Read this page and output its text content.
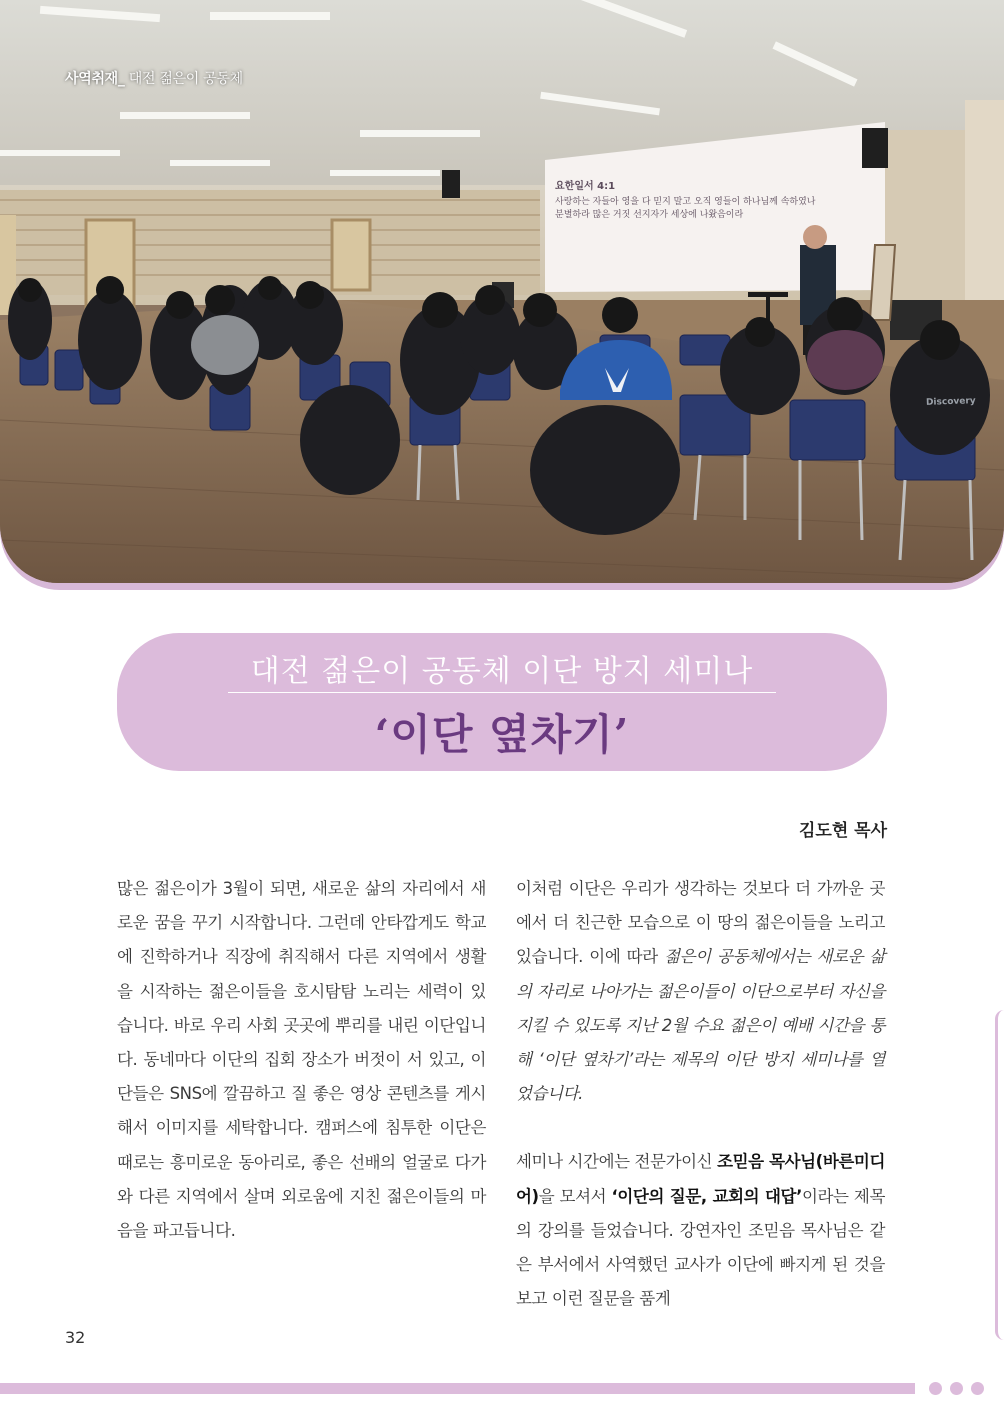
사역취재_ 대전 젊은이 공동체
요한일서 4:1
사랑하는 자들아 영을 다 믿지 말고 오직 영들이 하나님께 속하였나
분별하라 많은 거짓 선지자가 세상에 나왔음이라
Discovery
대전 젊은이 공동체 이단 방지 세미나
‘이단 옆차기’
김도현 목사

많은 젊은이가 3월이 되면, 새로운 삶의 자리에서 새로운 꿈을 꾸기 시작합니다. 그런데 안타깝게도 학교에 진학하거나 직장에 취직해서 다른 지역에서 생활을 시작하는 젊은이들을 호시탐탐 노리는 세력이 있습니다. 바로 우리 사회 곳곳에 뿌리를 내린 이단입니다. 동네마다 이단의 집회 장소가 버젓이 서 있고, 이단들은 SNS에 깔끔하고 질 좋은 영상 콘텐츠를 게시해서 이미지를 세탁합니다. 캠퍼스에 침투한 이단은 때로는 흥미로운 동아리로, 좋은 선배의 얼굴로 다가와 다른 지역에서 살며 외로움에 지친 젊은이들의 마음을 파고듭니다.

이처럼 이단은 우리가 생각하는 것보다 더 가까운 곳에서 더 친근한 모습으로 이 땅의 젊은이들을 노리고 있습니다. 이에 따라 젊은이 공동체에서는 새로운 삶의 자리로 나아가는 젊은이들이 이단으로부터 자신을 지킬 수 있도록 지난 2월 수요 젊은이 예배 시간을 통해 ‘이단 옆차기’라는 제목의 이단 방지 세미나를 열었습니다.

세미나 시간에는 전문가이신 조믿음 목사님(바른미디어)을 모셔서 ‘이단의 질문, 교회의 대답’이라는 제목의 강의를 들었습니다. 강연자인 조믿음 목사님은 같은 부서에서 사역했던 교사가 이단에 빠지게 된 것을 보고 이런 질문을 품게

32
